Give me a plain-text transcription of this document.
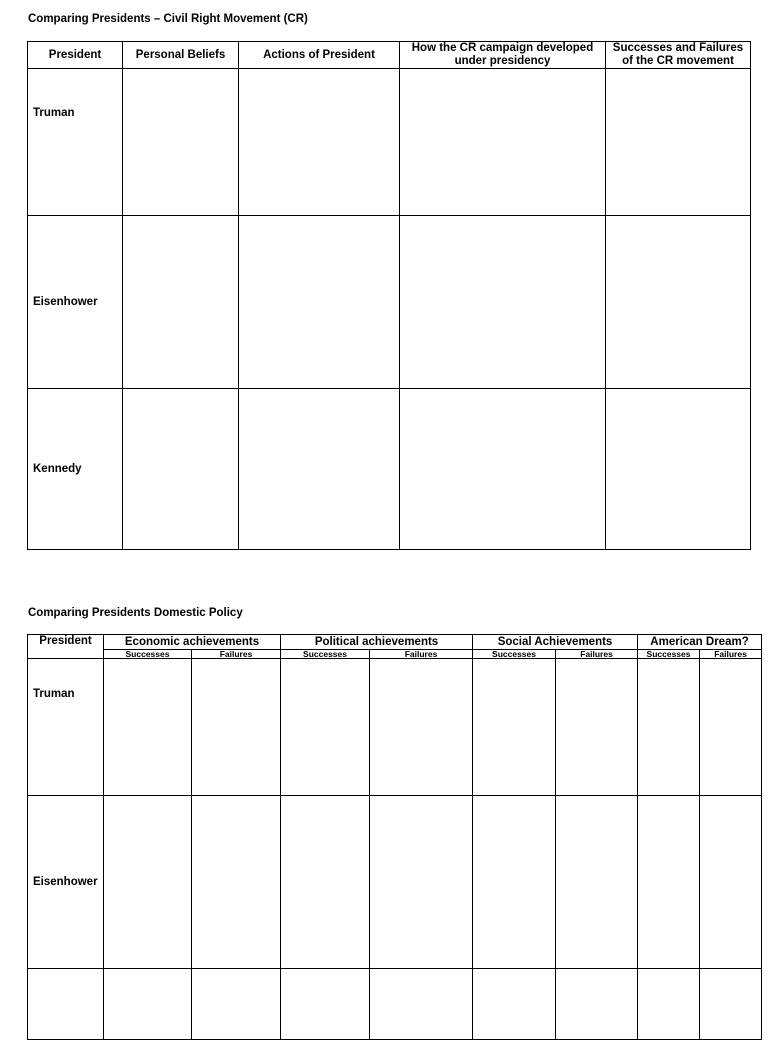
Comparing Presidents – Civil Right Movement (CR)
President	Personal Beliefs	Actions of President	How the CR campaign developed under presidency	Successes and Failures of the CR movement
Truman				
Eisenhower				
Kennedy				
Comparing Presidents Domestic Policy
President	Economic achievements		Political achievements		Social Achievements		American Dream?	
	Successes	Failures	Successes	Failures	Successes	Failures	Successes	Failures
Truman								
Eisenhower								
